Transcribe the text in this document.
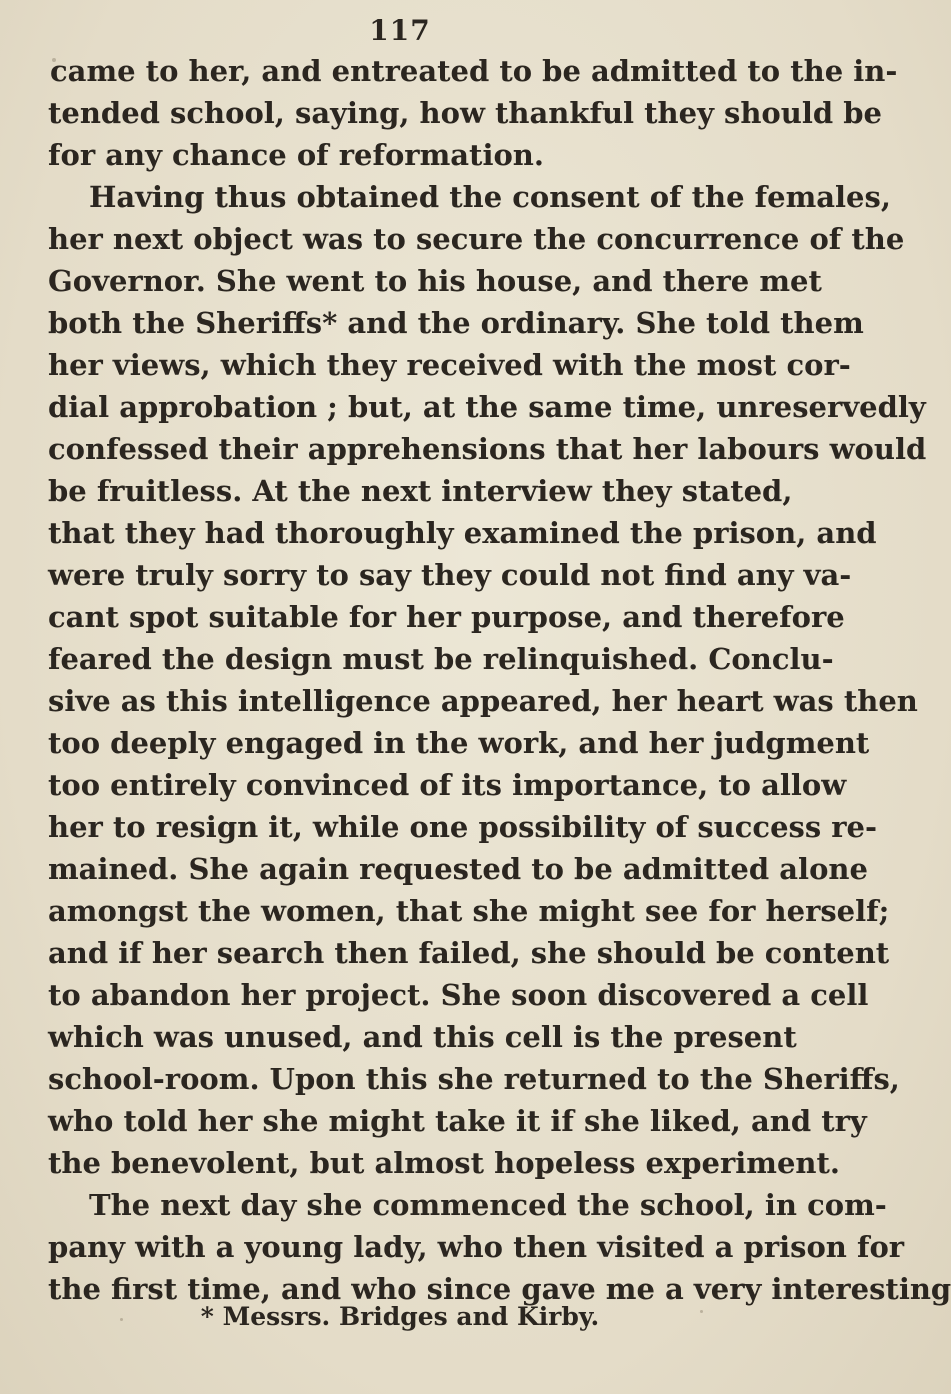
117
came to her, and entreated to be admitted to the in-
tended school, saying, how thankful they should be
for any chance of reformation.
Having thus obtained the consent of the females,
her next object was to secure the concurrence of the
Governor. She went to his house, and there met
both the Sheriffs* and the ordinary. She told them
her views, which they received with the most cor-
dial approbation ; but, at the same time, unreservedly
confessed their apprehensions that her labours would
be fruitless. At the next interview they stated,
that they had thoroughly examined the prison, and
were truly sorry to say they could not find any va-
cant spot suitable for her purpose, and therefore
feared the design must be relinquished. Conclu-
sive as this intelligence appeared, her heart was then
too deeply engaged in the work, and her judgment
too entirely convinced of its importance, to allow
her to resign it, while one possibility of success re-
mained. She again requested to be admitted alone
amongst the women, that she might see for herself;
and if her search then failed, she should be content
to abandon her project. She soon discovered a cell
which was unused, and this cell is the present
school-room. Upon this she returned to the Sheriffs,
who told her she might take it if she liked, and try
the benevolent, but almost hopeless experiment.
The next day she commenced the school, in com-
pany with a young lady, who then visited a prison for
the first time, and who since gave me a very interesting
* Messrs. Bridges and Kirby.
